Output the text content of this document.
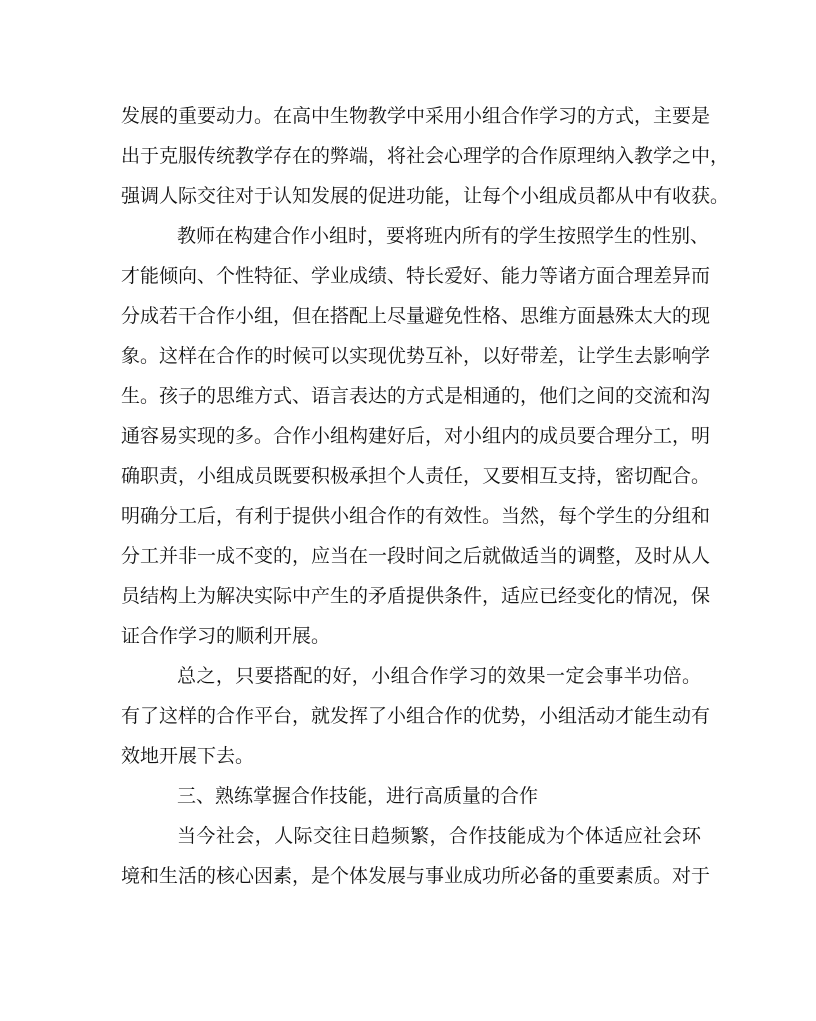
发展的重要动力。在高中生物教学中采用小组合作学习的方式，主要是
出于克服传统教学存在的弊端，将社会心理学的合作原理纳入教学之中，
强调人际交往对于认知发展的促进功能，让每个小组成员都从中有收获。
教师在构建合作小组时，要将班内所有的学生按照学生的性别、
才能倾向、个性特征、学业成绩、特长爱好、能力等诸方面合理差异而
分成若干合作小组，但在搭配上尽量避免性格、思维方面悬殊太大的现
象。这样在合作的时候可以实现优势互补，以好带差，让学生去影响学
生。孩子的思维方式、语言表达的方式是相通的，他们之间的交流和沟
通容易实现的多。合作小组构建好后，对小组内的成员要合理分工，明
确职责，小组成员既要积极承担个人责任，又要相互支持，密切配合。
明确分工后，有利于提供小组合作的有效性。当然，每个学生的分组和
分工并非一成不变的，应当在一段时间之后就做适当的调整，及时从人
员结构上为解决实际中产生的矛盾提供条件，适应已经变化的情况，保
证合作学习的顺利开展。
总之，只要搭配的好，小组合作学习的效果一定会事半功倍。
有了这样的合作平台，就发挥了小组合作的优势，小组活动才能生动有
效地开展下去。
三、熟练掌握合作技能，进行高质量的合作
当今社会，人际交往日趋频繁，合作技能成为个体适应社会环
境和生活的核心因素，是个体发展与事业成功所必备的重要素质。对于
